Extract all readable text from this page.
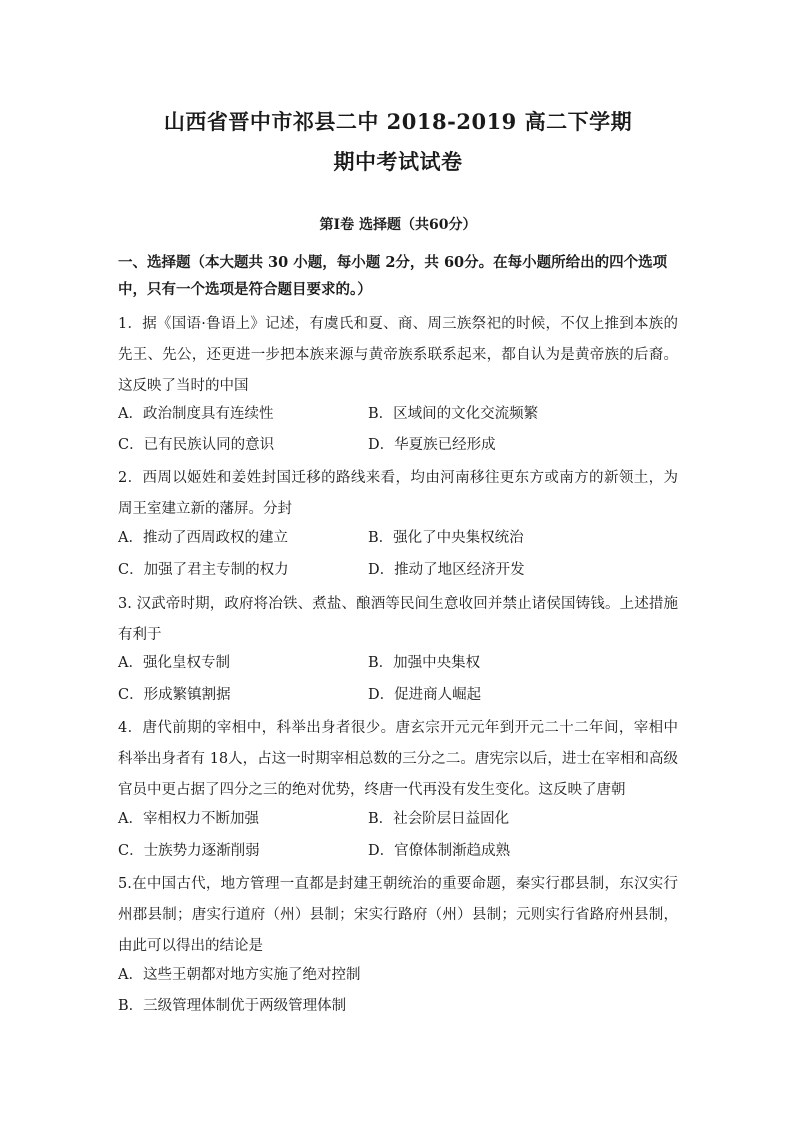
山西省晋中市祁县二中 2018-2019 高二下学期
期中考试试卷
第Ⅰ卷 选择题（共60分）
一、选择题（本大题共 30 小题，每小题 2分，共 60分。在每小题所给出的四个选项中，只有一个选项是符合题目要求的。）
1．据《国语·鲁语上》记述，有虞氏和夏、商、周三族祭祀的时候，不仅上推到本族的先王、先公，还更进一步把本族来源与黄帝族系联系起来，都自认为是黄帝族的后裔。这反映了当时的中国
A．政治制度具有连续性	B．区域间的文化交流频繁
C．已有民族认同的意识	D．华夏族已经形成
2．西周以姬姓和姜姓封国迁移的路线来看，均由河南移往更东方或南方的新领土，为周王室建立新的藩屏。分封
A．推动了西周政权的建立	B．强化了中央集权统治
C．加强了君主专制的权力	D．推动了地区经济开发
3. 汉武帝时期，政府将冶铁、煮盐、酿酒等民间生意收回并禁止诸侯国铸钱。上述措施有利于
A．强化皇权专制	B．加强中央集权
C．形成繁镇割据	D．促进商人崛起
4．唐代前期的宰相中，科举出身者很少。唐玄宗开元元年到开元二十二年间，宰相中科举出身者有 18人，占这一时期宰相总数的三分之二。唐宪宗以后，进士在宰相和高级官员中更占据了四分之三的绝对优势，终唐一代再没有发生变化。这反映了唐朝
A．宰相权力不断加强	B．社会阶层日益固化
C．士族势力逐渐削弱	D．官僚体制渐趋成熟
5.在中国古代，地方管理一直都是封建王朝统治的重要命题，秦实行郡县制，东汉实行州郡县制；唐实行道府（州）县制；宋实行路府（州）县制；元则实行省路府州县制，由此可以得出的结论是
A．这些王朝都对地方实施了绝对控制
B．三级管理体制优于两级管理体制
